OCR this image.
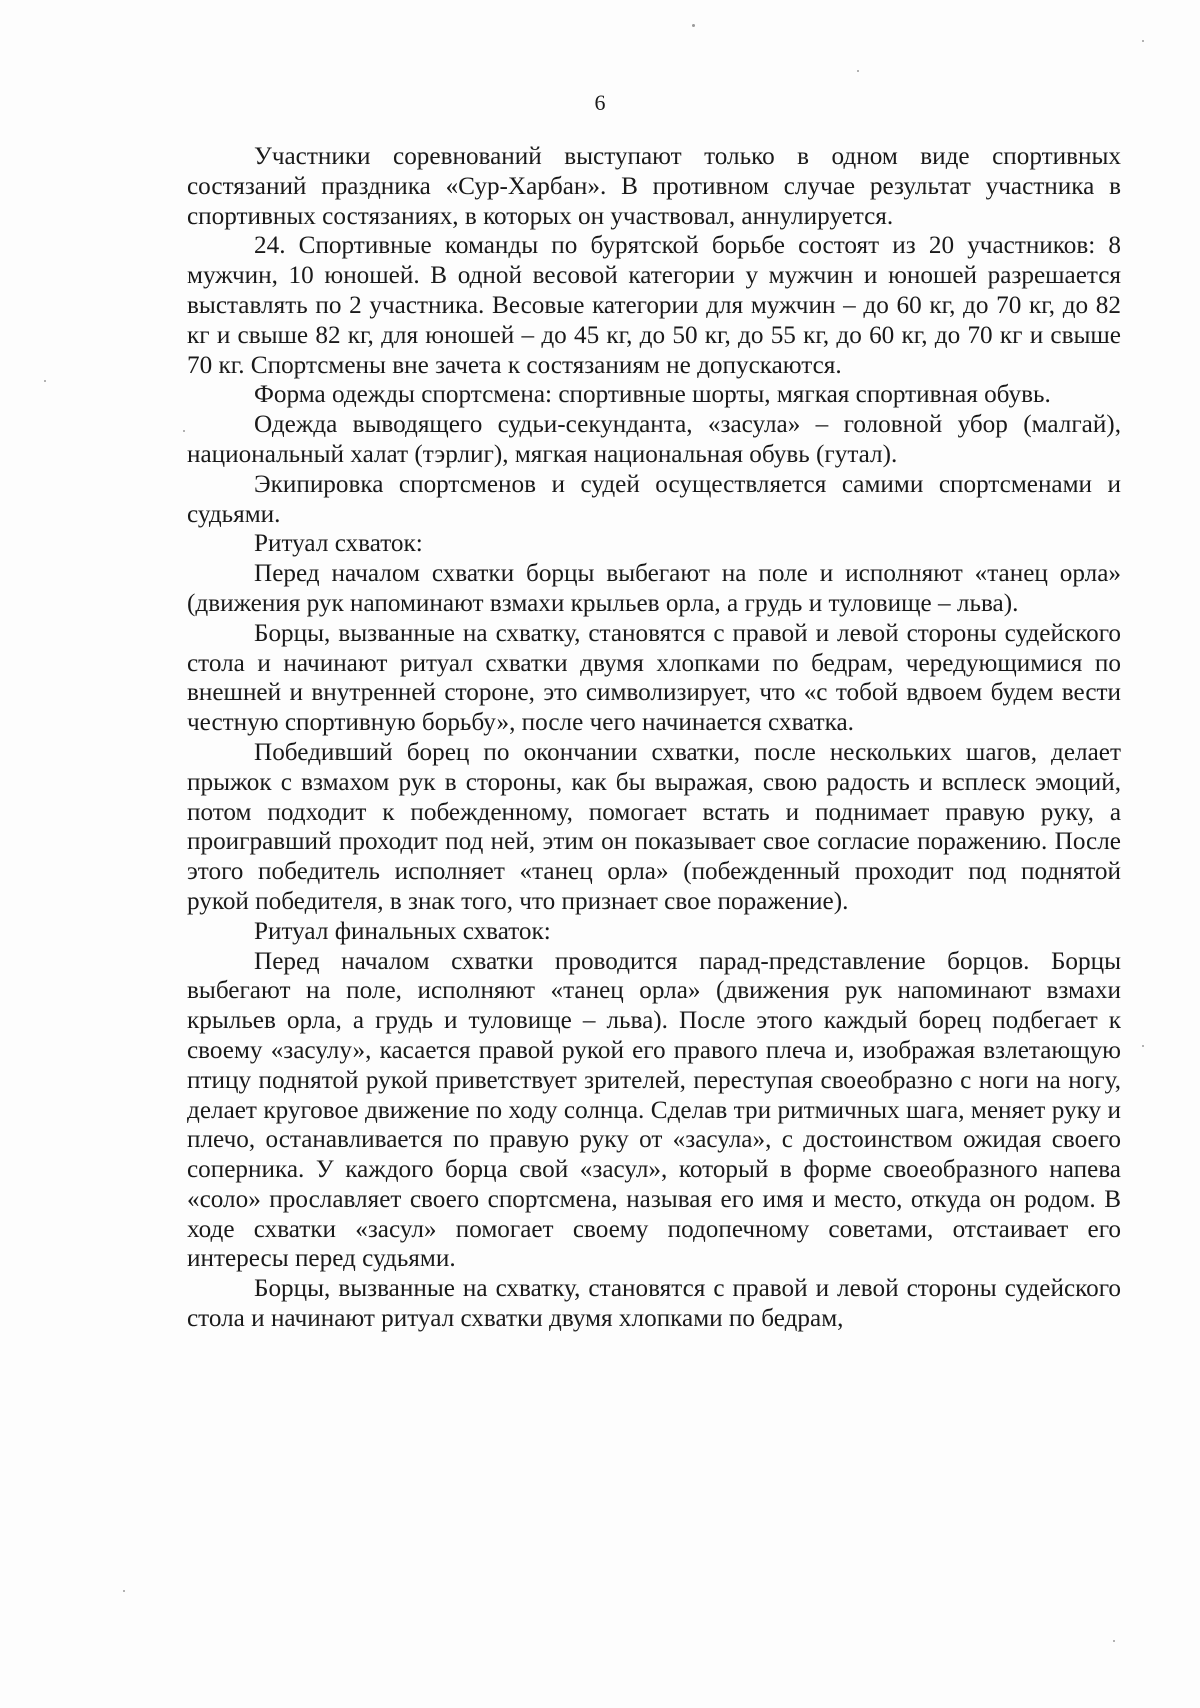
6

Участники соревнований выступают только в одном виде спортивных состязаний праздника «Сур-Харбан». В противном случае результат участника в спортивных состязаниях, в которых он участвовал, аннулируется.

24. Спортивные команды по бурятской борьбе состоят из 20 участников: 8 мужчин, 10 юношей. В одной весовой категории у мужчин и юношей разрешается выставлять по 2 участника. Весовые категории для мужчин – до 60 кг, до 70 кг, до 82 кг и свыше 82 кг, для юношей – до 45 кг, до 50 кг, до 55 кг, до 60 кг, до 70 кг и свыше 70 кг. Спортсмены вне зачета к состязаниям не допускаются.

Форма одежды спортсмена: спортивные шорты, мягкая спортивная обувь.

Одежда выводящего судьи-секунданта, «засула» – головной убор (малгай), национальный халат (тэрлиг), мягкая национальная обувь (гутал).

Экипировка спортсменов и судей осуществляется самими спортсменами и судьями.

Ритуал схваток:

Перед началом схватки борцы выбегают на поле и исполняют «танец орла» (движения рук напоминают взмахи крыльев орла, а грудь и туловище – льва).

Борцы, вызванные на схватку, становятся с правой и левой стороны судейского стола и начинают ритуал схватки двумя хлопками по бедрам, чередующимися по внешней и внутренней стороне, это символизирует, что «с тобой вдвоем будем вести честную спортивную борьбу», после чего начинается схватка.

Победивший борец по окончании схватки, после нескольких шагов, делает прыжок с взмахом рук в стороны, как бы выражая, свою радость и всплеск эмоций, потом подходит к побежденному, помогает встать и поднимает правую руку, а проигравший проходит под ней, этим он показывает свое согласие поражению. После этого победитель исполняет «танец орла» (побежденный проходит под поднятой рукой победителя, в знак того, что признает свое поражение).

Ритуал финальных схваток:

Перед началом схватки проводится парад-представление борцов. Борцы выбегают на поле, исполняют «танец орла» (движения рук напоминают взмахи крыльев орла, а грудь и туловище – льва). После этого каждый борец подбегает к своему «засулу», касается правой рукой его правого плеча и, изображая взлетающую птицу поднятой рукой приветствует зрителей, переступая своеобразно с ноги на ногу, делает круговое движение по ходу солнца. Сделав три ритмичных шага, меняет руку и плечо, останавливается по правую руку от «засула», с достоинством ожидая своего соперника. У каждого борца свой «засул», который в форме своеобразного напева «соло» прославляет своего спортсмена, называя его имя и место, откуда он родом. В ходе схватки «засул» помогает своему подопечному советами, отстаивает его интересы перед судьями.

Борцы, вызванные на схватку, становятся с правой и левой стороны судейского стола и начинают ритуал схватки двумя хлопками по бедрам,
